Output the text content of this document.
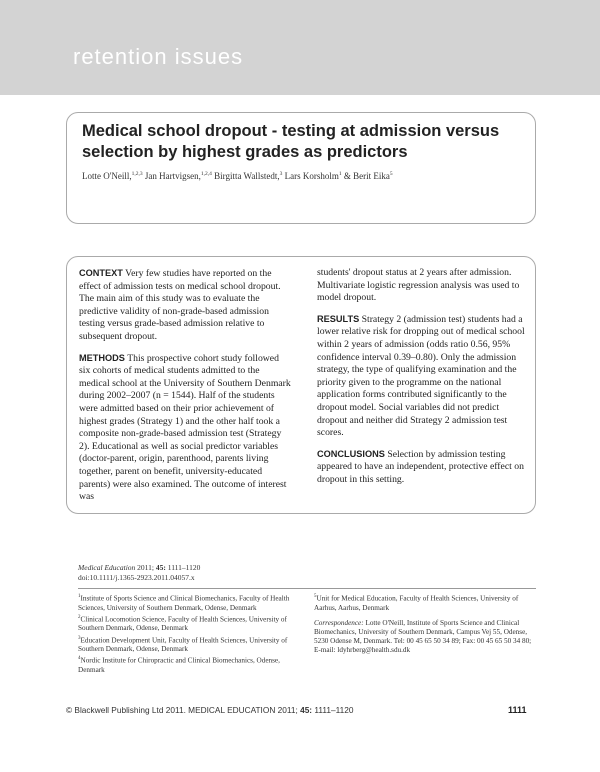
retention issues
Medical school dropout - testing at admission versus selection by highest grades as predictors
Lotte O'Neill,$^{1,2,3}$ Jan Hartvigsen,$^{1,2,4}$ Birgitta Wallstedt,$^3$ Lars Korsholm$^1$ & Berit Eika$^5$

CONTEXT Very few studies have reported on the effect of admission tests on medical school dropout. The main aim of this study was to evaluate the predictive validity of non-grade-based admission testing versus grade-based admission relative to subsequent dropout.

METHODS This prospective cohort study followed six cohorts of medical students admitted to the medical school at the University of Southern Denmark during 2002–2007 (n = 1544). Half of the students were admitted based on their prior achievement of highest grades (Strategy 1) and the other half took a composite non-grade-based admission test (Strategy 2). Educational as well as social predictor variables (doctor-parent, origin, parenthood, parents living together, parent on benefit, university-educated parents) were also examined. The outcome of interest was

students' dropout status at 2 years after admission. Multivariate logistic regression analysis was used to model dropout.

RESULTS Strategy 2 (admission test) students had a lower relative risk for dropping out of medical school within 2 years of admission (odds ratio 0.56, 95% confidence interval 0.39–0.80). Only the admission strategy, the type of qualifying examination and the priority given to the programme on the national application forms contributed significantly to the dropout model. Social variables did not predict dropout and neither did Strategy 2 admission test scores.

CONCLUSIONS Selection by admission testing appeared to have an independent, protective effect on dropout in this setting.

Medical Education 2011; 45: 1111–1120
doi:10.1111/j.1365-2923.2011.04057.x
$^1$Institute of Sports Science and Clinical Biomechanics, Faculty of Health Sciences, University of Southern Denmark, Odense, Denmark
$^2$Clinical Locomotion Science, Faculty of Health Sciences, University of Southern Denmark, Odense, Denmark
$^3$Education Development Unit, Faculty of Health Sciences, University of Southern Denmark, Odense, Denmark
$^4$Nordic Institute for Chiropractic and Clinical Biomechanics, Odense, Denmark
$^5$Unit for Medical Education, Faculty of Health Sciences, University of Aarhus, Aarhus, Denmark
Correspondence: Lotte O'Neill, Institute of Sports Science and Clinical Biomechanics, University of Southern Denmark, Campus Vej 55, Odense, 5230 Odense M, Denmark. Tel: 00 45 65 50 34 89; Fax: 00 45 65 50 34 80; E-mail: ldyhrberg@health.sdu.dk
© Blackwell Publishing Ltd 2011. MEDICAL EDUCATION 2011; 45: 1111–1120	1111
